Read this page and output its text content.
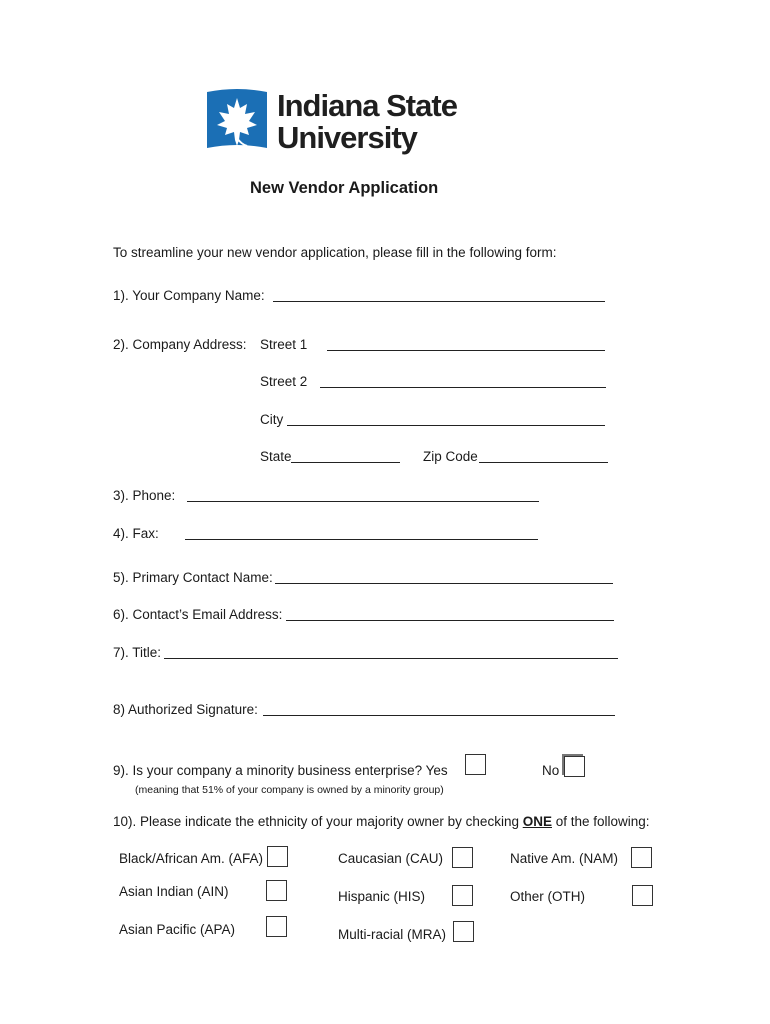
Indiana State
University
New Vendor Application
To streamline your new vendor application, please fill in the following form:
1). Your Company Name:
2). Company Address: Street 1
Street 2
City
State	Zip Code
3). Phone:
4). Fax:
5). Primary Contact Name:
6). Contact’s Email Address:
7). Title:
8) Authorized Signature:
9). Is your company a minority business enterprise? Yes	No
(meaning that 51% of your company is owned by a minority group)
10). Please indicate the ethnicity of your majority owner by checking ONE of the following:
Black/African Am. (AFA)	Caucasian (CAU)	Native Am. (NAM)
Asian Indian (AIN)	Hispanic (HIS)	Other (OTH)
Asian Pacific (APA)	Multi-racial (MRA)
